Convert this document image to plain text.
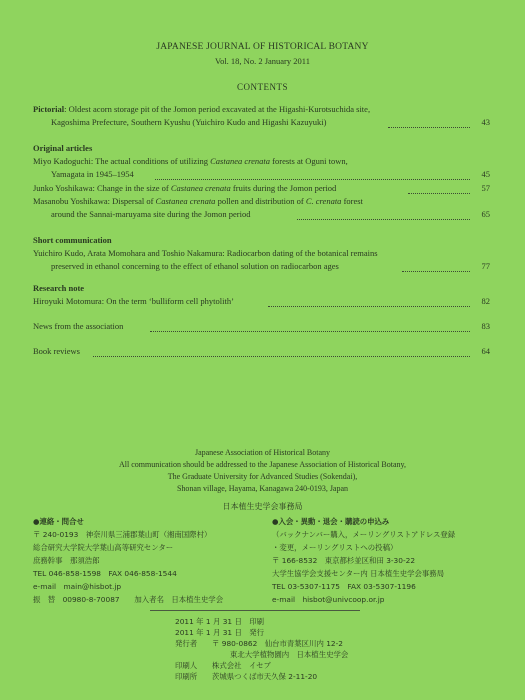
JAPANESE JOURNAL OF HISTORICAL BOTANY
Vol. 18, No. 2 January 2011
CONTENTS
Pictorial: Oldest acorn storage pit of the Jomon period excavated at the Higashi-Kurotsuchida site,
Kagoshima Prefecture, Southern Kyushu (Yuichiro Kudo and Higashi Kazuyuki)	43
Original articles
Miyo Kadoguchi: The actual conditions of utilizing Castanea crenata forests at Oguni town,
Yamagata in 1945–1954	45
Junko Yoshikawa: Change in the size of Castanea crenata fruits during the Jomon period	57
Masanobu Yoshikawa: Dispersal of Castanea crenata pollen and distribution of C. crenata forest
around the Sannai-maruyama site during the Jomon period	65
Short communication
Yuichiro Kudo, Arata Momohara and Toshio Nakamura: Radiocarbon dating of the botanical remains
preserved in ethanol concerning to the effect of ethanol solution on radiocarbon ages	77
Research note
Hiroyuki Motomura: On the term ‘bulliform cell phytolith’	82
News from the association	83
Book reviews	64
Japanese Association of Historical Botany
All communication should be addressed to the Japanese Association of Historical Botany,
The Graduate University for Advanced Studies (Sokendai),
Shonan village, Hayama, Kanagawa 240-0193, Japan
日本植生史学会事務局
●連絡・問合せ
〒 240-0193　神奈川県三浦郡葉山町（湘南国際村）
総合研究大学院大学葉山高等研究センター
庶務幹事　那須浩郎
TEL 046-858-1598　FAX 046-858-1544
e-mail　main@hisbot.jp
振　替　00980-8-70087　　加入者名　日本植生史学会
●入会・異動・退会・購読の申込み
（バックナンバー購入，メーリングリストアドレス登録
・変更，メーリングリストへの投稿）
〒 166-8532　東京都杉並区和田 3-30-22
大学生協学会支援センター内 日本植生史学会事務局
TEL 03-5307-1175　FAX 03-5307-1196
e-mail　hisbot@univcoop.or.jp
2011 年 1 月 31 日　印刷
2011 年 1 月 31 日　発行
発行者 〒 980-0862　仙台市青葉区川内 12-2
東北大学植物園内　日本植生史学会
印刷人 株式会社　イセブ
印刷所 茨城県つくば市天久保 2-11-20
